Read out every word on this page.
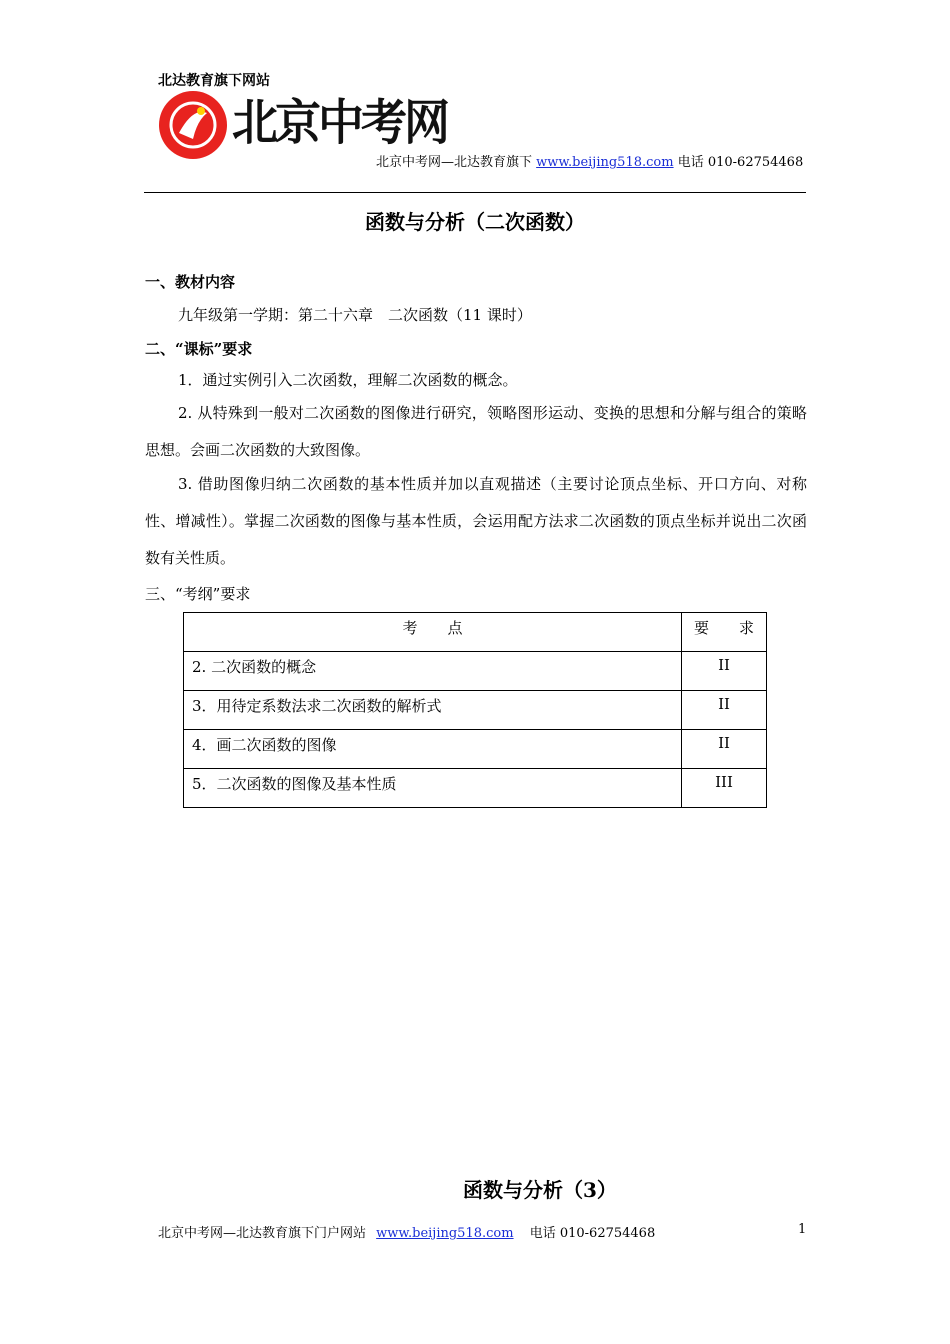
北达教育旗下网站
北京中考网
北京中考网—北达教育旗下 www.beijing518.com 电话 010-62754468
函数与分析（二次函数）
一、教材内容
九年级第一学期：第二十六章　二次函数（11 课时）
二、“课标”要求
1．通过实例引入二次函数，理解二次函数的概念。
2. 从特殊到一般对二次函数的图像进行研究，领略图形运动、变换的思想和分解与组合的策略思想。会画二次函数的大致图像。
3. 借助图像归纳二次函数的基本性质并加以直观描述（主要讨论顶点坐标、开口方向、对称性、增减性）。掌握二次函数的图像与基本性质，会运用配方法求二次函数的顶点坐标并说出二次函数有关性质。
三、“考纲”要求
考　　点	要　　求
2. 二次函数的概念	II
3．用待定系数法求二次函数的解析式	II
4．画二次函数的图像	II
5．二次函数的图像及基本性质	III
函数与分析（3）
北京中考网—北达教育旗下门户网站 www.beijing518.com 电话 010-62754468	1
